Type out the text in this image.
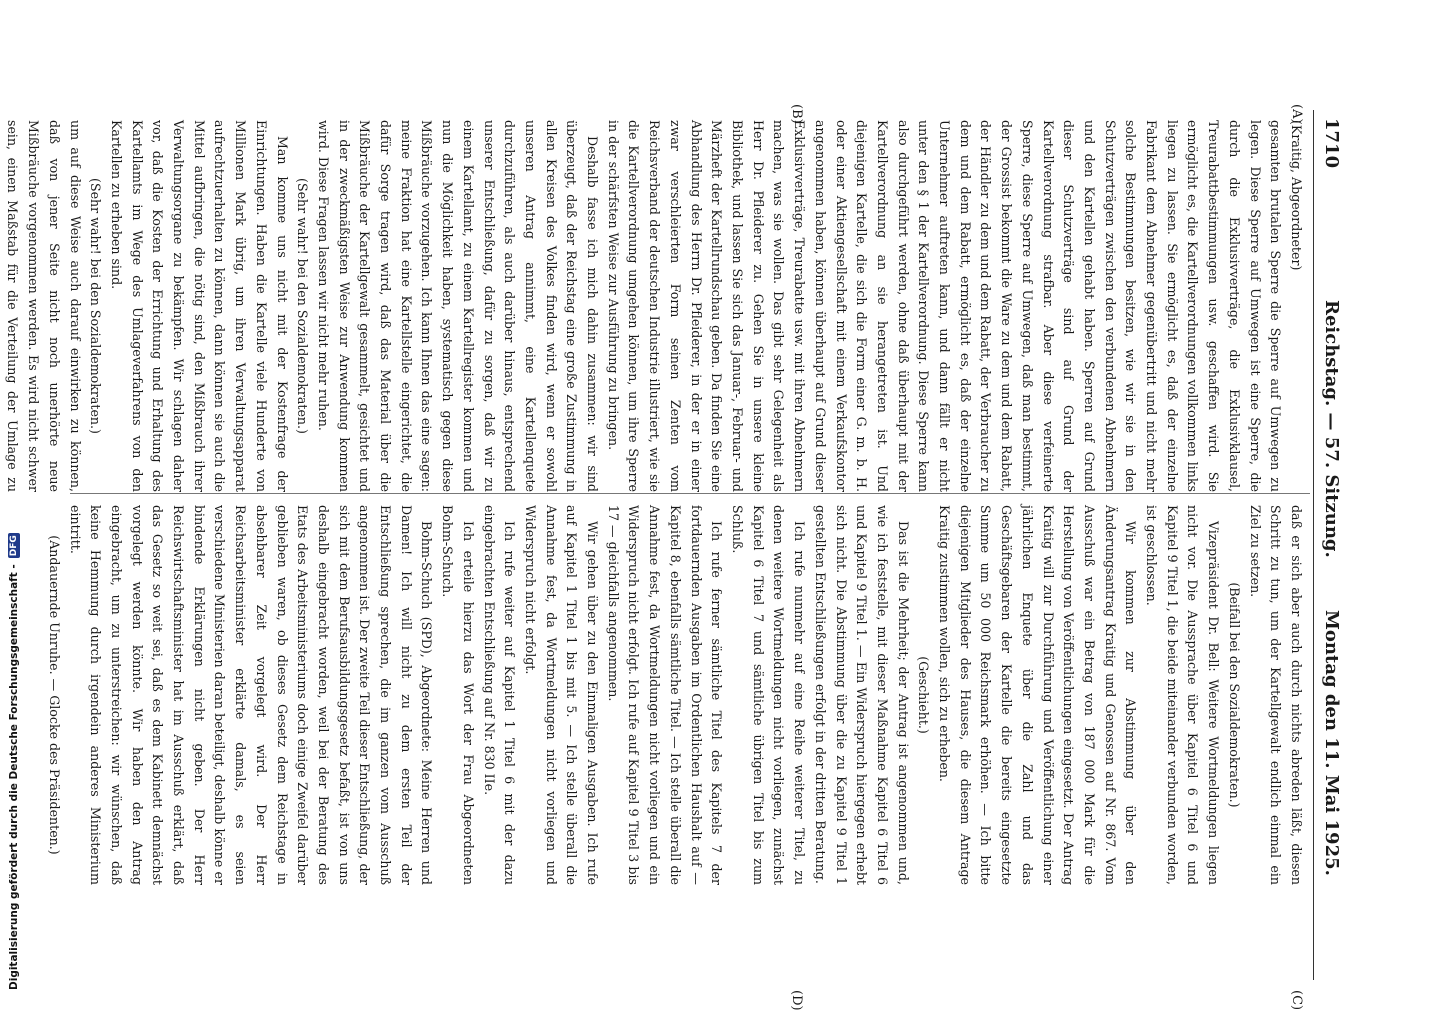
1710
Reichstag. — 57. Sitzung.
Montag den 11. Mai 1925.
(A)
(B)
(C)
(D)

(Kraitig, Abgeordneter)

gesamten brutalen Sperre die Sperre auf Umwegen zu legen. Diese Sperre auf Umwegen ist eine Sperre, die durch die Exklusivverträge, die Exklusivklausel, Treurabattbestimmungen usw. geschaffen wird. Sie ermöglicht es, die Kartellverordnungen vollkommen links liegen zu lassen. Sie ermöglicht es, daß der einzelne Fabrikant dem Abnehmer gegenübertritt und nicht mehr solche Bestimmungen besitzen, wie wir sie in den Schutzverträgen zwischen den verbundenen Abnehmern und den Kartellen gehabt haben. Sperren auf Grund dieser Schutzverträge sind auf Grund der Kartellverordnung strafbar. Aber diese verfeinerte Sperre, diese Sperre auf Umwegen, daß man bestimmt, der Grossist bekommt die Ware zu dem und dem Rabatt, der Händler zu dem und dem Rabatt, der Verbraucher zu dem und dem Rabatt, ermöglicht es, daß der einzelne Unternehmer auftreten kann, und dann fällt er nicht unter den § 1 der Kartellverordnung. Diese Sperre kann also durchgeführt werden, ohne daß überhaupt mit der Kartellverordnung an sie herangetreten ist. Und diejenigen Kartelle, die sich die Form einer G. m. b. H. oder einer Aktiengesellschaft mit einem Verkaufskontor angenommen haben, können überhaupt auf Grund dieser Exklusivverträge, Treurabatte usw. mit ihren Abnehmern machen, was sie wollen. Das gibt sehr Gelegenheit als Herr Dr. Pfleiderer zu. Gehen Sie in unsere kleine Bibliothek, und lassen Sie sich das Januar-, Februar- und Märzheft der Kartellrundschau geben. Da finden Sie eine Abhandlung des Herrn Dr. Pfleiderer, in der er in einer zwar verschleierten Form seinen Zenten vom Reichsverband der deutschen Industrie illustriert, wie sie die Kartellverordnung umgehen können, um ihre Sperre in der schärfsten Weise zur Ausführung zu bringen.

Deshalb fasse ich mich dahin zusammen: wir sind überzeugt, daß der Reichstag eine große Zustimmung in allen Kreisen des Volkes finden wird, wenn er sowohl unseren Antrag annimmt, eine Kartellenquete durchzuführen, als auch darüber hinaus, entsprechend unserer Entschließung, dafür zu sorgen, daß wir zu einem Kartellamt, zu einem Kartellregister kommen und nun die Möglichkeit haben, systematisch gegen diese Mißbräuche vorzugehen. Ich kann Ihnen das eine sagen: meine Fraktion hat eine Kartellstelle eingerichtet, die dafür Sorge tragen wird, daß das Material über die Mißbräuche der Kartellgewalt gesammelt, gesichtet und in der zweckmäßigsten Weise zur Anwendung kommen wird. Diese Fragen lassen wir nicht mehr ruhen.

(Sehr wahr! bei den Sozialdemokraten.)

Man komme uns nicht mit der Kostenfrage der Einrichtungen. Haben die Kartelle viele Hunderte von Millionen Mark übrig, um ihren Verwaltungsapparat aufrechtzuerhalten zu können, dann können sie auch die Mittel aufbringen, die nötig sind, den Mißbrauch ihrer Verwaltungsorgane zu bekämpfen. Wir schlagen daher vor, daß die Kosten der Errichtung und Erhaltung des Kartellamts im Wege des Umlageverfahrens von den Kartellen zu erheben sind.

(Sehr wahr! bei den Sozialdemokraten.)

um auf diese Weise auch darauf einwirken zu können, daß von jener Seite nicht noch unerhörte neue Mißbräuche vorgenommen werden. Es wird nicht schwer sein, einen Maßstab für die Verteilung der Umlage zu

daß er sich aber auch durch nichts abreden läßt, diesen Schritt zu tun, um der Kartellgewalt endlich einmal ein Ziel zu setzen.

(Beifall bei den Sozialdemokraten.)

Vizepräsident Dr. Bell: Weitere Wortmeldungen liegen nicht vor. Die Aussprache über Kapitel 6 Titel 6 und Kapitel 9 Titel 1, die beide miteinander verbunden worden, ist geschlossen.

Wir kommen zur Abstimmung über den Änderungsantrag Kraitig und Genossen auf Nr. 867. Vom Ausschuß war ein Betrag von 187 000 Mark für die Herstellung von Veröffentlichungen eingesetzt. Der Antrag Kraitig will zur Durchführung und Veröffentlichung einer jährlichen Enquete über die Zahl und das Geschäftsgebaren der Kartelle die bereits eingesetzte Summe um 50 000 Reichsmark erhöhen. — Ich bitte diejenigen Mitglieder des Hauses, die diesem Antrage Kraitig zustimmen wollen, sich zu erheben.

(Geschieht.)

Das ist die Mehrheit; der Antrag ist angenommen und, wie ich feststelle, mit dieser Maßnahme Kapitel 6 Titel 6 und Kapitel 9 Titel 1. — Ein Widerspruch hiergegen erhebt sich nicht. Die Abstimmung über die zu Kapitel 9 Titel 1 gestellten Entschließungen erfolgt in der dritten Beratung.

Ich rufe nunmehr auf eine Reihe weiterer Titel, zu denen weitere Wortmeldungen nicht vorliegen, zunächst Kapitel 6 Titel 7 und sämtliche übrigen Titel bis zum Schluß.

Ich rufe ferner sämtliche Titel des Kapitels 7 der fortdauernden Ausgaben im Ordentlichen Haushalt auf — Kapitel 8, ebenfalls sämtliche Titel. — Ich stelle überall die Annahme fest, da Wortmeldungen nicht vorliegen und ein Widerspruch nicht erfolgt. Ich rufe auf Kapitel 9 Titel 3 bis 17 — gleichfalls angenommen.

Wir gehen über zu den Einmaligen Ausgaben. Ich rufe auf Kapitel 1 Titel 1 bis mit 5. — Ich stelle überall die Annahme fest, da Wortmeldungen nicht vorliegen und Widerspruch nicht erfolgt.

Ich rufe weiter auf Kapitel 1 Titel 6 mit der dazu eingebrachten Entschließung auf Nr. 830 IIe.

Ich erteile hierzu das Wort der Frau Abgeordneten Bohm-Schuch.

Bohm-Schuch (SPD), Abgeordnete: Meine Herren und Damen! Ich will nicht zu dem ersten Teil der Entschließung sprechen, die im ganzen vom Ausschuß angenommen ist. Der zweite Teil dieser Entschließung, der sich mit dem Berufsausbildungsgesetz befaßt, ist von uns deshalb eingebracht worden, weil bei der Beratung des Etats des Arbeitsministeriums doch einige Zweifel darüber geblieben waren, ob dieses Gesetz dem Reichstage in absehbarer Zeit vorgelegt wird. Der Herr Reichsarbeitsminister erklärte damals, es seien verschiedene Ministerien daran beteiligt, deshalb könne er bindende Erklärungen nicht geben. Der Herr Reichswirtschaftsminister hat im Ausschuß erklärt, daß das Gesetz so weit sei, daß es dem Kabinett demnächst vorgelegt werden könnte. Wir haben den Antrag eingebracht, um zu unterstreichen: wir wünschen, daß keine Hemmung durch irgendein anderes Ministerium eintritt.

(Andauernde Unruhe. — Glocke des Präsidenten.)

Digitalisierung gefördert durch die Deutsche Forschungsgemeinschaft -
DFG
